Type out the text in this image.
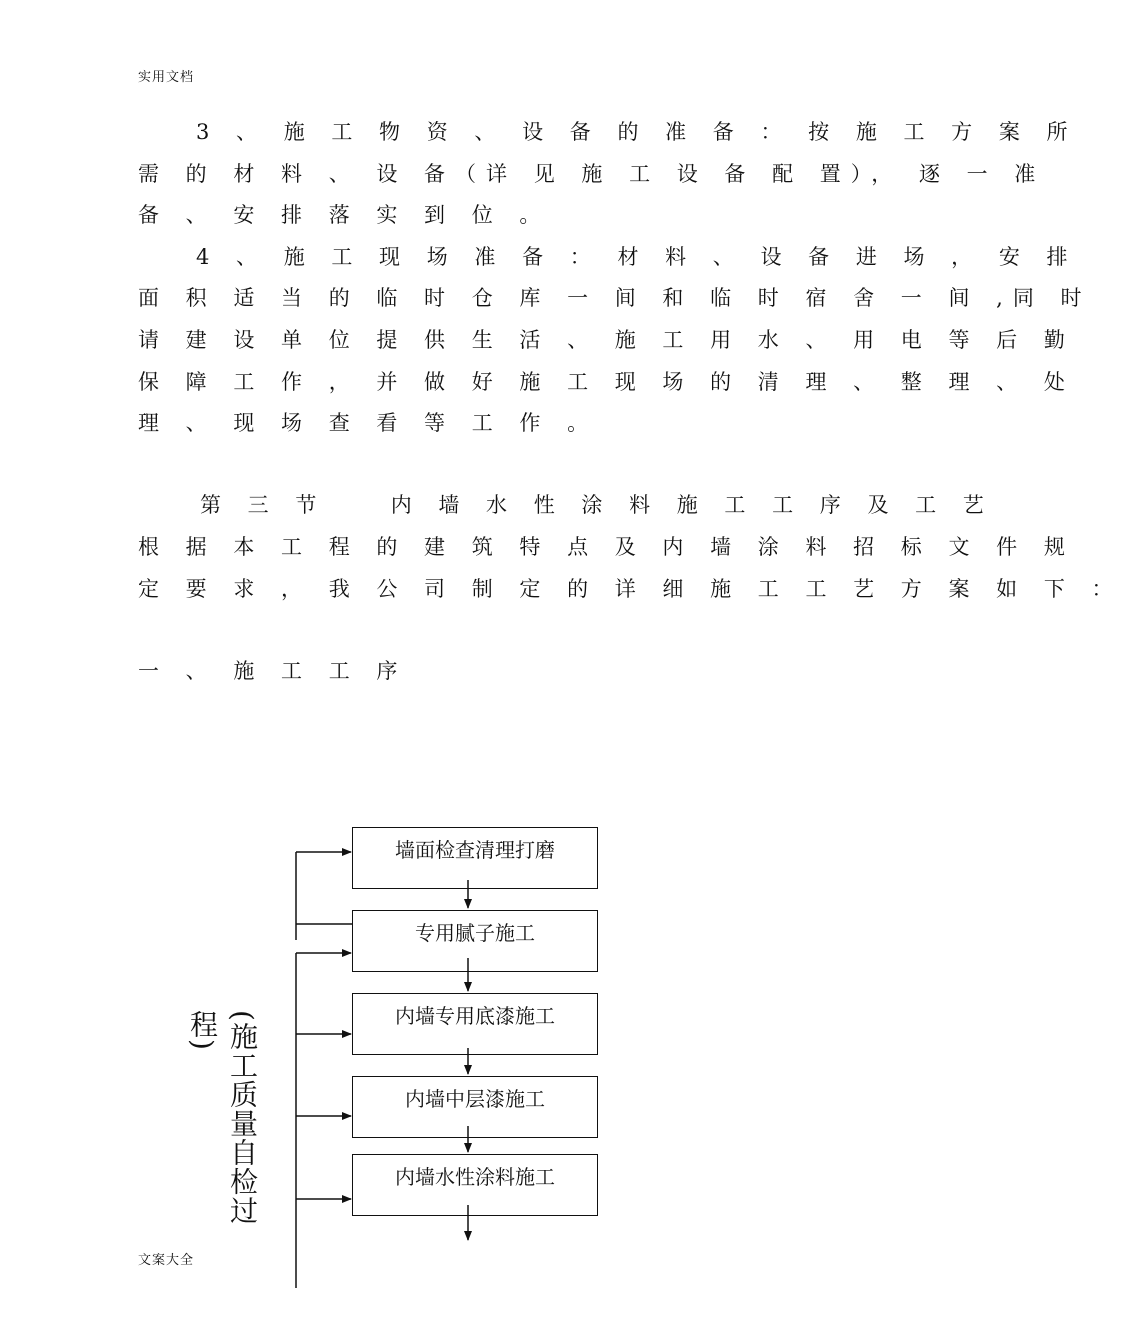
实用文档
3 、 施 工 物 资 、 设 备 的 准 备 ： 按 施 工 方 案 所
需 的 材 料 、 设 备（详 见 施 工 设 备 配 置）， 逐 一 准
备 、 安 排 落 实 到 位 。
4 、 施 工 现 场 准 备 ： 材 料 、 设 备 进 场 ， 安 排
面 积 适 当 的 临 时 仓 库 一 间 和 临 时 宿 舍 一 间 ,同 时
请 建 设 单 位 提 供 生 活 、 施 工 用 水 、 用 电 等 后 勤
保 障 工 作 ， 并 做 好 施 工 现 场 的 清 理 、 整 理 、 处
理 、 现 场 查 看 等 工 作 。
第 三 节 　 内 墙 水 性 涂 料 施 工 工 序 及 工 艺
根 据 本 工 程 的 建 筑 特 点 及 内 墙 涂 料 招 标 文 件 规
定 要 求 ， 我 公 司 制 定 的 详 细 施 工 工 艺 方 案 如 下 ：
一 、 施 工 工 序
墙面检查清理打磨
专用腻子施工
内墙专用底漆施工
内墙中层漆施工
内墙水性涂料施工
(施工质量自检过程)
文案大全
